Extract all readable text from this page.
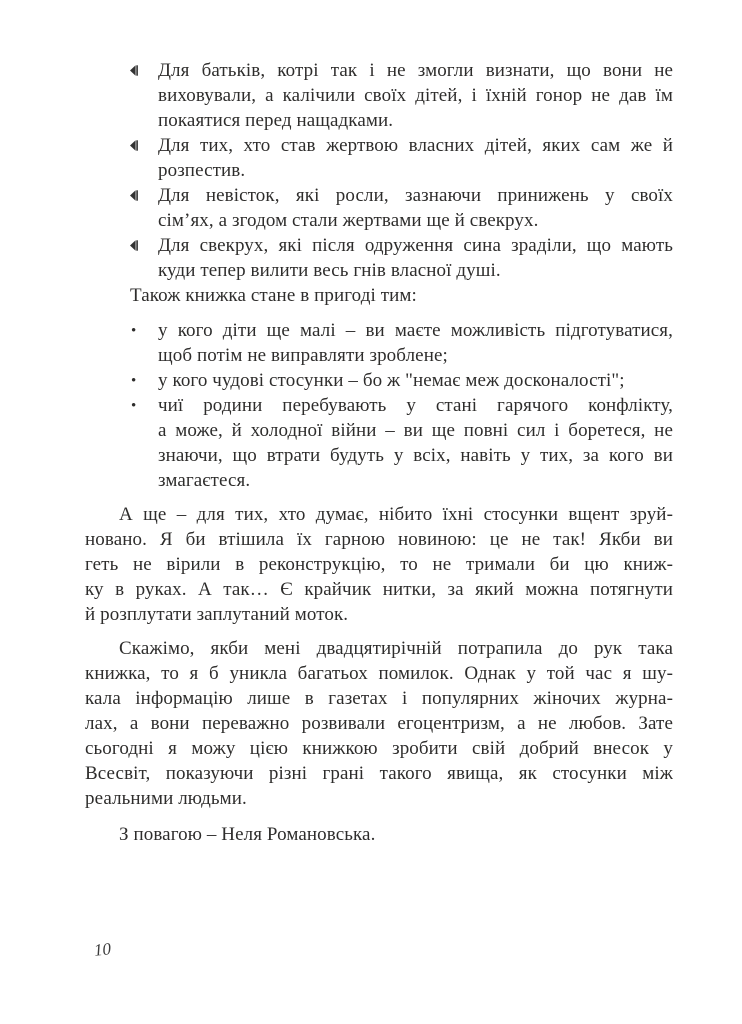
Для батьків, котрі так і не змогли визнати, що вони не
виховували, а калічили своїх дітей, і їхній гонор не дав їм
покаятися перед нащадками.
Для тих, хто став жертвою власних дітей, яких сам же й
розпестив.
Для невісток, які росли, зазнаючи принижень у своїх
сім’ях, а згодом стали жертвами ще й свекрух.
Для свекрух, які після одруження сина зраділи, що мають
куди тепер вилити весь гнів власної душі.
Також книжка стане в пригоді тим:
• у кого діти ще малі – ви маєте можливість підготуватися,
щоб потім не виправляти зроблене;
• у кого чудові стосунки – бо ж "немає меж досконалості";
• чиї родини перебувають у стані гарячого конфлікту,
а може, й холодної війни – ви ще повні сил і боретеся, не
знаючи, що втрати будуть у всіх, навіть у тих, за кого ви
змагаєтеся.
А ще – для тих, хто думає, нібито їхні стосунки вщент зруй-
новано. Я би втішила їх гарною новиною: це не так! Якби ви
геть не вірили в реконструкцію, то не тримали би цю книж-
ку в руках. А так… Є крайчик нитки, за який можна потягнути
й розплутати заплутаний моток.
Скажімо, якби мені двадцятирічній потрапила до рук така
книжка, то я б уникла багатьох помилок. Однак у той час я шу-
кала інформацію лише в газетах і популярних жіночих журна-
лах, а вони переважно розвивали егоцентризм, а не любов. Зате
сьогодні я можу цією книжкою зробити свій добрий внесок у
Всесвіт, показуючи різні грані такого явища, як стосунки між
реальними людьми.
З повагою – Неля Романовська.
10
